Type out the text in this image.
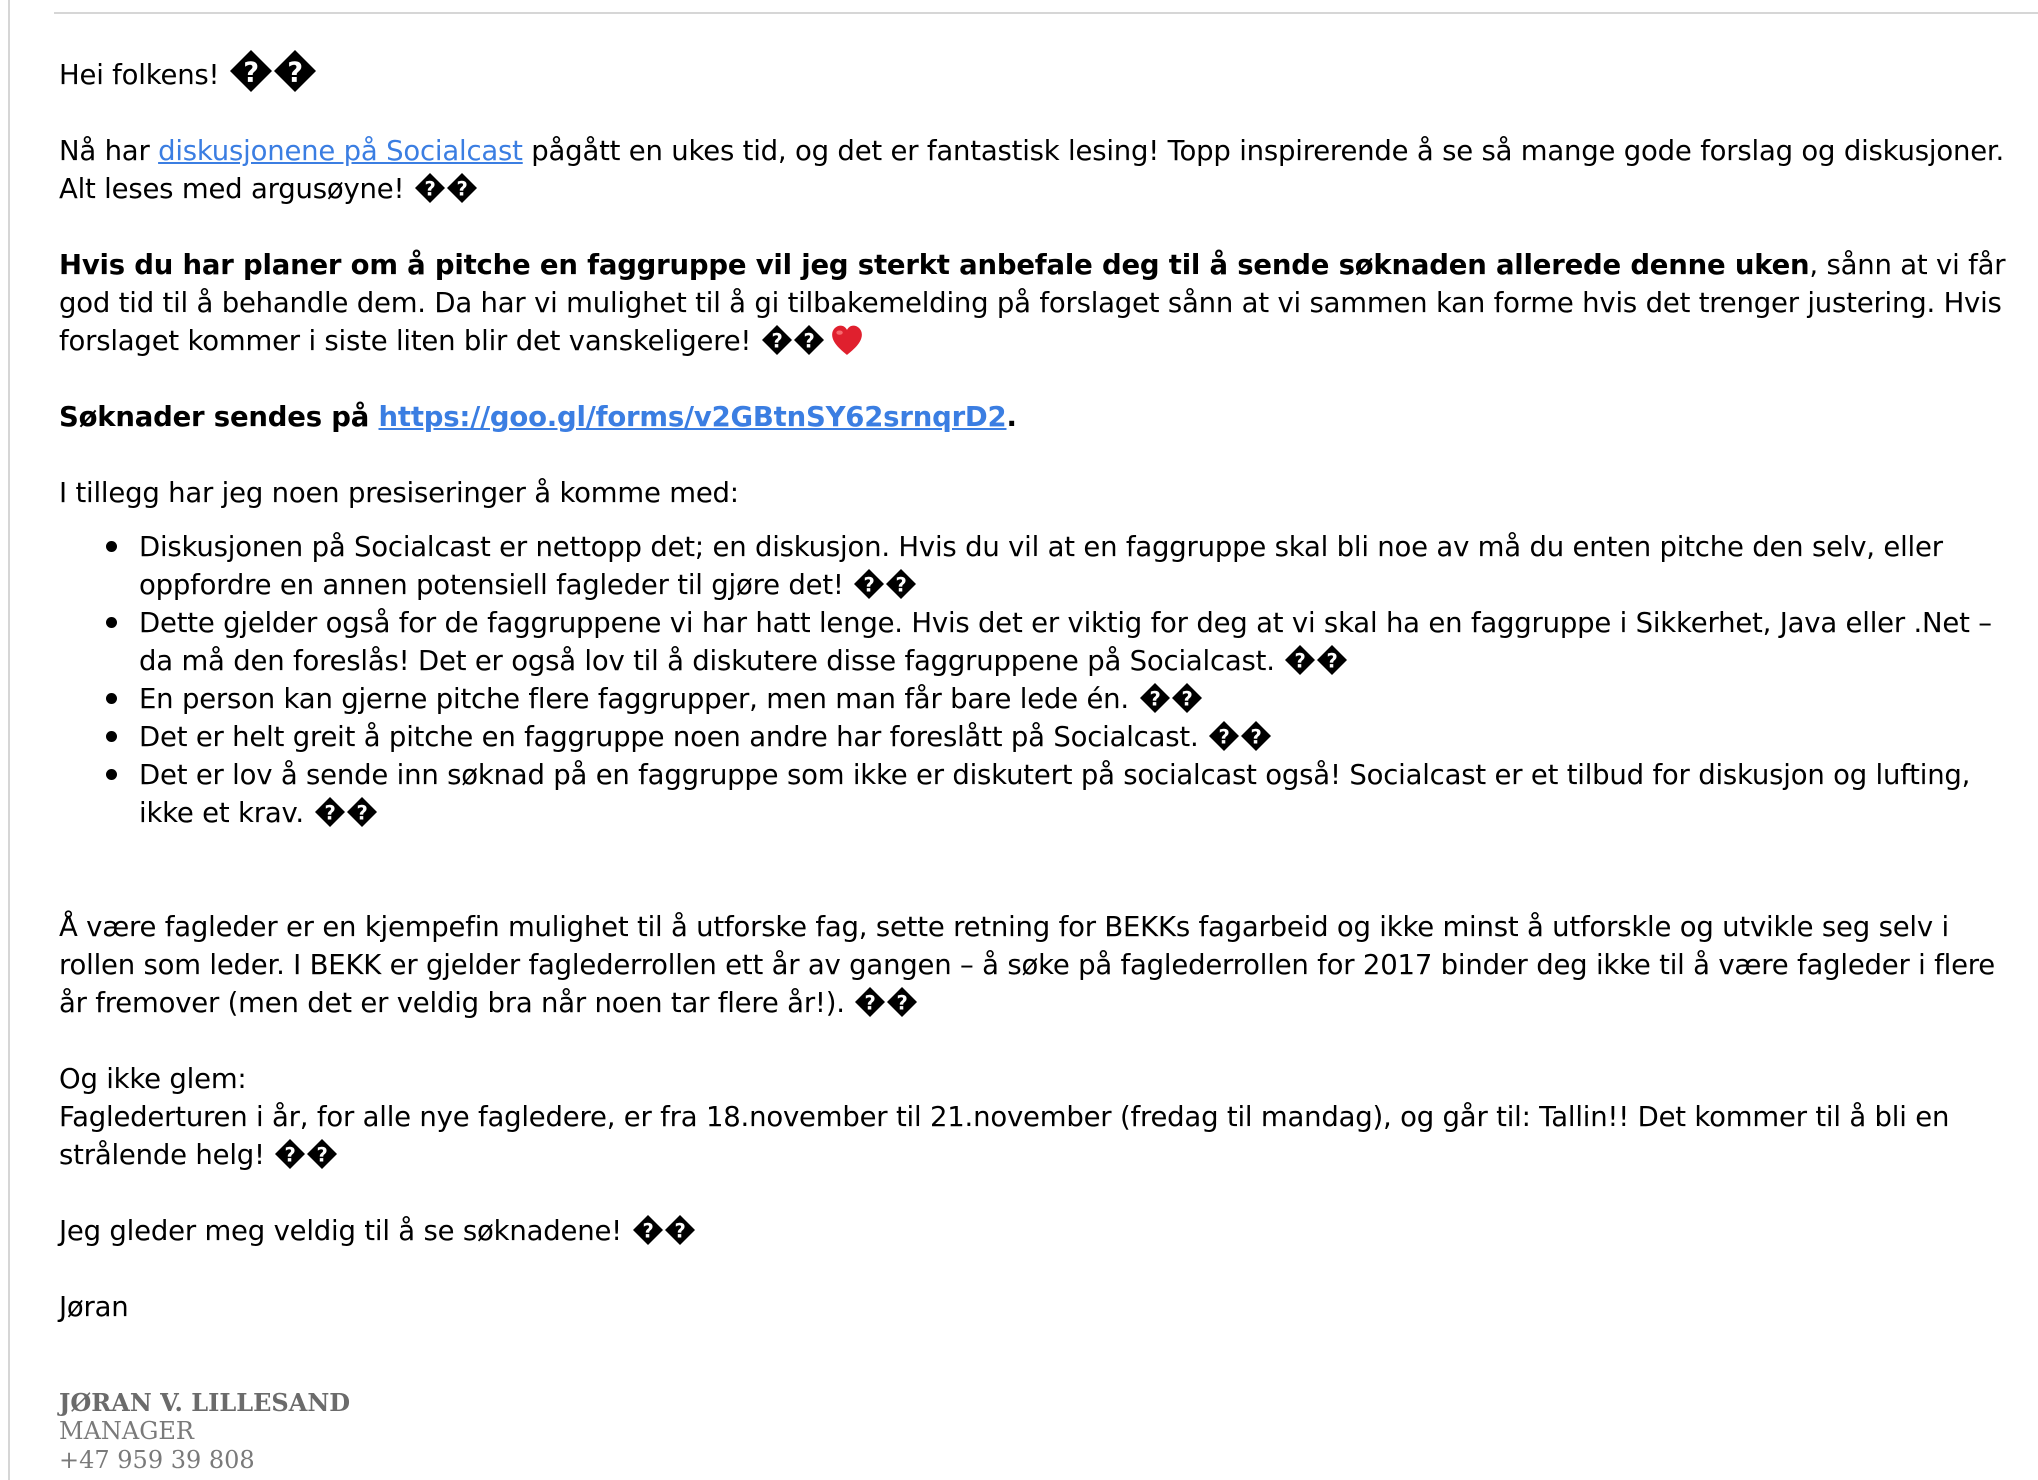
Hei folkens! ? ?

Nå har diskusjonene på Socialcast pågått en ukes tid, og det er fantastisk lesing! Topp inspirerende å se så mange gode forslag og diskusjoner. Alt leses med argusøyne! ? ?

Hvis du har planer om å pitche en faggruppe vil jeg sterkt anbefale deg til å sende søknaden allerede denne uken, sånn at vi får god tid til å behandle dem. Da har vi mulighet til å gi tilbakemelding på forslaget sånn at vi sammen kan forme hvis det trenger justering. Hvis forslaget kommer i siste liten blir det vanskeligere! ? ?

Søknader sendes på https://goo.gl/forms/v2GBtnSY62srnqrD2.

I tillegg har jeg noen presiseringer å komme med:

Diskusjonen på Socialcast er nettopp det; en diskusjon. Hvis du vil at en faggruppe skal bli noe av må du enten pitche den selv, eller oppfordre en annen potensiell fagleder til gjøre det! ? ?
Dette gjelder også for de faggruppene vi har hatt lenge. Hvis det er viktig for deg at vi skal ha en faggruppe i Sikkerhet, Java eller .Net – da må den foreslås! Det er også lov til å diskutere disse faggruppene på Socialcast. ? ?
En person kan gjerne pitche flere faggrupper, men man får bare lede én. ? ?
Det er helt greit å pitche en faggruppe noen andre har foreslått på Socialcast. ? ?
Det er lov å sende inn søknad på en faggruppe som ikke er diskutert på socialcast også! Socialcast er et tilbud for diskusjon og lufting, ikke et krav. ? ?

Å være fagleder er en kjempefin mulighet til å utforske fag, sette retning for BEKKs fagarbeid og ikke minst å utforskle og utvikle seg selv i rollen som leder. I BEKK er gjelder faglederrollen ett år av gangen – å søke på faglederrollen for 2017 binder deg ikke til å være fagleder i flere år fremover (men det er veldig bra når noen tar flere år!). ? ?

Og ikke glem:

Faglederturen i år, for alle nye fagledere, er fra 18.november til 21.november (fredag til mandag), og går til: Tallin!! Det kommer til å bli en strålende helg! ? ?

Jeg gleder meg veldig til å se søknadene! ? ?

Jøran

JØRAN V. LILLESAND
MANAGER
+47 959 39 808
